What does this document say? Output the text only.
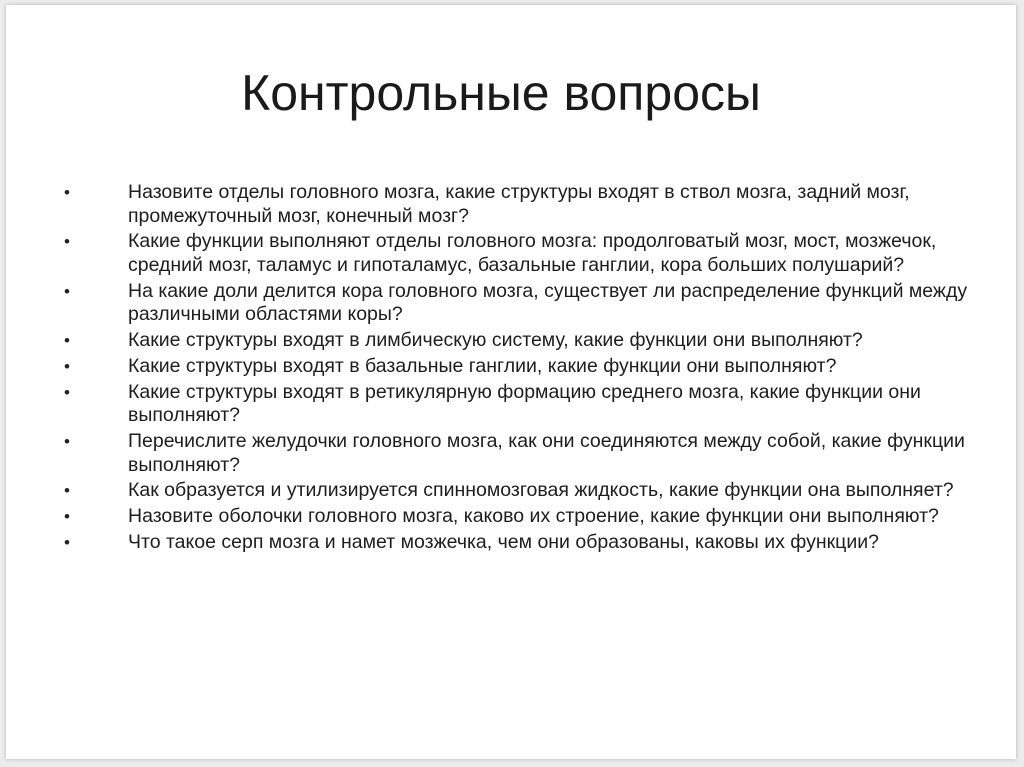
Контрольные вопросы
•	Назовите отделы головного мозга, какие структуры входят в ствол мозга, задний мозг, промежуточный мозг, конечный мозг?
•	Какие функции выполняют отделы головного мозга: продолговатый мозг, мост, мозжечок, средний мозг, таламус и гипоталамус, базальные ганглии, кора больших полушарий?
•	На какие доли делится кора головного мозга, существует ли распределение функций между различными областями коры?
•	Какие структуры входят в лимбическую систему, какие функции они выполняют?
•	Какие структуры входят в базальные ганглии, какие функции они выполняют?
•	Какие структуры входят в ретикулярную формацию среднего мозга, какие функции они выполняют?
•	Перечислите желудочки головного мозга, как они соединяются между собой, какие функции выполняют?
•	Как образуется и утилизируется спинномозговая жидкость, какие функции она выполняет?
•	Назовите оболочки головного мозга, каково их строение, какие функции они выполняют?
•	Что такое серп мозга и намет мозжечка, чем они образованы, каковы их функции?
